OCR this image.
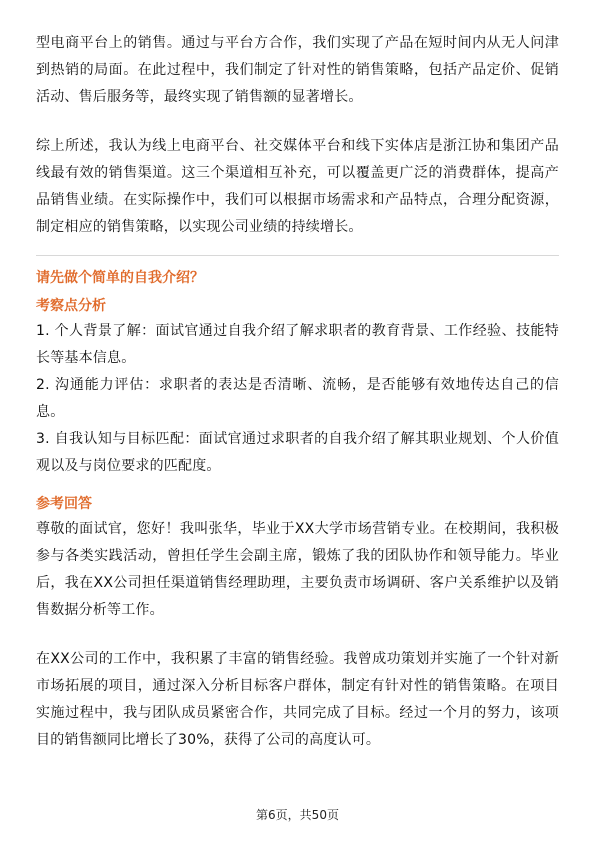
型电商平台上的销售。通过与平台方合作，我们实现了产品在短时间内从无人问津到热销的局面。在此过程中，我们制定了针对性的销售策略，包括产品定价、促销活动、售后服务等，最终实现了销售额的显著增长。

综上所述，我认为线上电商平台、社交媒体平台和线下实体店是浙江协和集团产品线最有效的销售渠道。这三个渠道相互补充，可以覆盖更广泛的消费群体，提高产品销售业绩。在实际操作中，我们可以根据市场需求和产品特点，合理分配资源，制定相应的销售策略，以实现公司业绩的持续增长。

请先做个简单的自我介绍？

考察点分析

1. 个人背景了解：面试官通过自我介绍了解求职者的教育背景、工作经验、技能特长等基本信息。

2. 沟通能力评估：求职者的表达是否清晰、流畅，是否能够有效地传达自己的信息。

3. 自我认知与目标匹配：面试官通过求职者的自我介绍了解其职业规划、个人价值观以及与岗位要求的匹配度。

参考回答

尊敬的面试官，您好！我叫张华，毕业于XX大学市场营销专业。在校期间，我积极参与各类实践活动，曾担任学生会副主席，锻炼了我的团队协作和领导能力。毕业后，我在XX公司担任渠道销售经理助理，主要负责市场调研、客户关系维护以及销售数据分析等工作。

在XX公司的工作中，我积累了丰富的销售经验。我曾成功策划并实施了一个针对新市场拓展的项目，通过深入分析目标客户群体，制定有针对性的销售策略。在项目实施过程中，我与团队成员紧密合作，共同完成了目标。经过一个月的努力，该项目的销售额同比增长了30%，获得了公司的高度认可。

第6页，共50页
